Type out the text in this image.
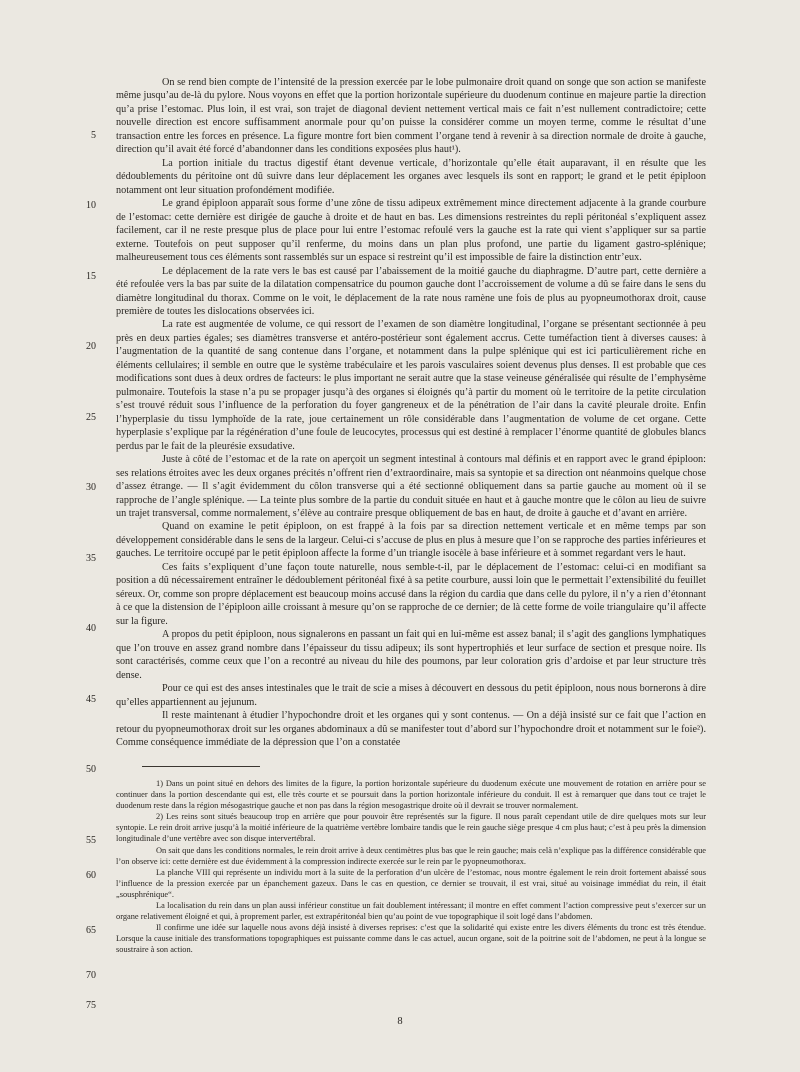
On se rend bien compte de l’intensité de la pression exercée par le lobe pulmonaire droit quand on songe que son action se manifeste même jusqu’au de-là du pylore. Nous voyons en effet que la portion horizontale supérieure du duodenum continue en majeure partie la direction qu’a prise l’estomac. Plus loin, il est vrai, son trajet de diagonal devient nettement vertical mais ce fait n’est nullement contradictoire; cette nouvelle direction est encore suffisamment anormale pour qu’on puisse la considérer comme un moyen terme, comme le résultat d’une transaction entre les forces en présence. La figure montre fort bien comment l’organe tend à revenir à sa direction normale de droite à gauche, direction qu’il avait été forcé d’abandonner dans les conditions exposées plus haut¹).

La portion initiale du tractus digestif étant devenue verticale, d’horizontale qu’elle était auparavant, il en résulte que les dédoublements du péritoine ont dû suivre dans leur déplacement les organes avec lesquels ils sont en rapport; le grand et le petit épiploon notamment ont leur situation profondément modifiée.

Le grand épiploon apparaît sous forme d’une zône de tissu adipeux extrêmement mince directement adjacente à la grande courbure de l’estomac: cette dernière est dirigée de gauche à droite et de haut en bas. Les dimensions restreintes du repli péritonéal s’expliquent assez facilement, car il ne reste presque plus de place pour lui entre l’estomac refoulé vers la gauche est la rate qui vient s’appliquer sur sa partie externe. Toutefois on peut supposer qu’il renferme, du moins dans un plan plus profond, une partie du ligament gastro-splénique; malheureusement tous ces éléments sont rassemblés sur un espace si restreint qu’il est impossible de faire la distinction entr’eux.

Le déplacement de la rate vers le bas est causé par l’abaissement de la moitié gauche du diaphragme. D’autre part, cette dernière a été refoulée vers la bas par suite de la dilatation compensatrice du poumon gauche dont l’accroissement de volume a dû se faire dans le sens du diamètre longitudinal du thorax. Comme on le voit, le déplacement de la rate nous ramène une fois de plus au pyopneumothorax droit, cause première de toutes les dislocations observées ici.

La rate est augmentée de volume, ce qui ressort de l’examen de son diamètre longitudinal, l’organe se présentant sectionnée à peu près en deux parties égales; ses diamètres transverse et antéro-postérieur sont également accrus. Cette tuméfaction tient à diverses causes: à l’augmentation de la quantité de sang contenue dans l’organe, et notamment dans la pulpe splénique qui est ici particulièrement riche en éléments cellulaires; il semble en outre que le système trabéculaire et les parois vasculaires soient devenus plus denses. Il est probable que ces modifications sont dues à deux ordres de facteurs: le plus important ne serait autre que la stase veineuse généralisée qui résulte de l’emphysème pulmonaire. Toutefois la stase n’a pu se propager jusqu’à des organes si éloignés qu’à partir du moment où le territoire de la petite circulation s’est trouvé réduit sous l’influence de la perforation du foyer gangreneux et de la pénétration de l’air dans la cavité pleurale droite. Enfin l’hyperplasie du tissu lymphoïde de la rate, joue certainement un rôle considérable dans l’augmentation de volume de cet organe. Cette hyperplasie s’explique par la régénération d’une foule de leucocytes, processus qui est destiné à remplacer l’énorme quantité de globules blancs perdus par le fait de la pleurésie exsudative.

Juste à côté de l’estomac et de la rate on aperçoit un segment intestinal à contours mal définis et en rapport avec le grand épiploon: ses relations étroites avec les deux organes précités n’offrent rien d’extraordinaire, mais sa syntopie et sa direction ont néanmoins quelque chose d’assez étrange. — Il s’agit évidemment du côlon transverse qui a été sectionné obliquement dans sa partie gauche au moment où il se rapproche de l’angle splénique. — La teinte plus sombre de la partie du conduit située en haut et à gauche montre que le côlon au lieu de suivre un trajet transversal, comme normalement, s’élève au contraire presque obliquement de bas en haut, de droite à gauche et d’avant en arrière.

Quand on examine le petit épiploon, on est frappé à la fois par sa direction nettement verticale et en même temps par son développement considérable dans le sens de la largeur. Celui-ci s’accuse de plus en plus à mesure que l’on se rapproche des parties inférieures et gauches. Le territoire occupé par le petit épiploon affecte la forme d’un triangle isocèle à base inférieure et à sommet regardant vers le haut.

Ces faits s’expliquent d’une façon toute naturelle, nous semble-t-il, par le déplacement de l’estomac: celui-ci en modifiant sa position a dû nécessairement entraîner le dédoublement péritonéal fixé à sa petite courbure, aussi loin que le permettait l’extensibilité du feuillet séreux. Or, comme son propre déplacement est beaucoup moins accusé dans la région du cardia que dans celle du pylore, il n’y a rien d’étonnant à ce que la distension de l’épiploon aille croissant à mesure qu’on se rapproche de ce dernier; de là cette forme de voile triangulaire qu’il affecte sur la figure.

A propos du petit épiploon, nous signalerons en passant un fait qui en lui-même est assez banal; il s’agit des ganglions lymphatiques que l’on trouve en assez grand nombre dans l’épaisseur du tissu adipeux; ils sont hypertrophiés et leur surface de section et presque noire. Ils sont caractérisés, comme ceux que l’on a recontré au niveau du hile des poumons, par leur coloration gris d’ardoise et par leur structure très dense.

Pour ce qui est des anses intestinales que le trait de scie a mises à découvert en dessous du petit épiploon, nous nous bornerons à dire qu’elles appartiennent au jejunum.

Il reste maintenant à étudier l’hypochondre droit et les organes qui y sont contenus. — On a déjà insisté sur ce fait que l’action en retour du pyopneumothorax droit sur les organes abdominaux a dû se manifester tout d’abord sur l’hypochondre droit et notamment sur le foie²). Comme conséquence immédiate de la dépression que l’on a constatée

5
10
15
20
25
30
35
40
45
50
55
60
65
70
75

1) Dans un point situé en dehors des limites de la figure, la portion horizontale supérieure du duodenum exécute une mouvement de rotation en arrière pour se continuer dans la portion descendante qui est, elle très courte et se poursuit dans la portion horizontale inférieure du conduit. Il est à remarquer que dans tout ce trajet le duodenum reste dans la région mésogastrique gauche et non pas dans la région mesogastrique droite où il devrait se trouver normalement.

2) Les reins sont situés beaucoup trop en arrière que pour pouvoir être représentés sur la figure. Il nous paraît cependant utile de dire quelques mots sur leur syntopie. Le rein droit arrive jusqu’à la moitié inférieure de la quatrième vertèbre lombaire tandis que le rein gauche siège presque 4 cm plus haut; c’est à peu près la dimension longitudinale d’une vertèbre avec son disque intervertébral.

On sait que dans les conditions normales, le rein droit arrive à deux centimètres plus bas que le rein gauche; mais celà n’explique pas la différence considérable que l’on observe ici: cette dernière est due évidemment à la compression indirecte exercée sur le rein par le pyopneumothorax.

La planche VIII qui représente un individu mort à la suite de la perforation d’un ulcère de l’estomac, nous montre également le rein droit fortement abaissé sous l’influence de la pression exercée par un épanchement gazeux. Dans le cas en question, ce dernier se trouvait, il est vrai, situé au voisinage immédiat du rein, il était „sousphrénique“.

La localisation du rein dans un plan aussi inférieur constitue un fait doublement intéressant; il montre en effet comment l’action compressive peut s’exercer sur un organe relativement éloigné et qui, à proprement parler, est extrapéritonéal bien qu’au point de vue topographique il soit logé dans l’abdomen.

Il confirme une idée sur laquelle nous avons déjà insisté à diverses reprises: c’est que la solidarité qui existe entre les divers éléments du tronc est très étendue. Lorsque la cause initiale des transformations topographiques est puissante comme dans le cas actuel, aucun organe, soit de la poitrine soit de l’abdomen, ne peut à la longue se soustraire à son action.

8
